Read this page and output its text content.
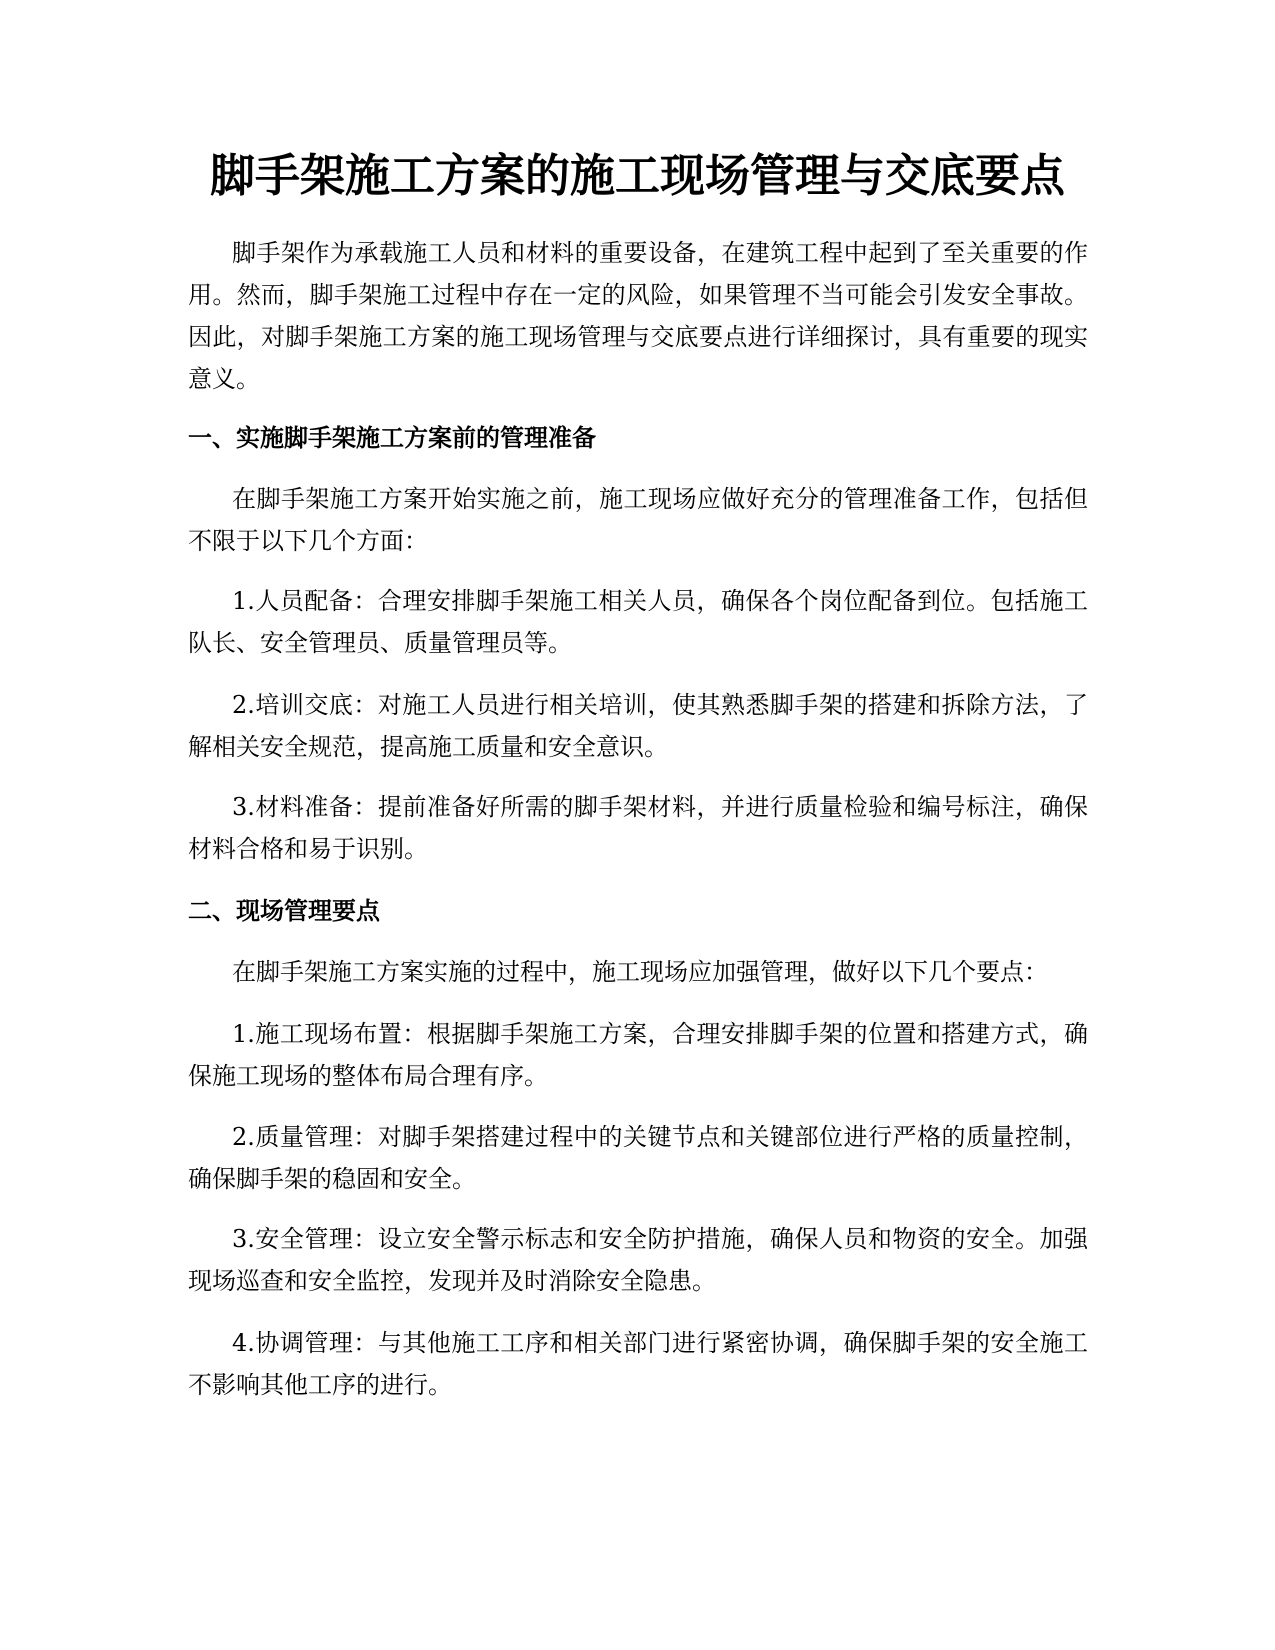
脚手架施工方案的施工现场管理与交底要点

脚手架作为承载施工人员和材料的重要设备，在建筑工程中起到了至关重要的作用。然而，脚手架施工过程中存在一定的风险，如果管理不当可能会引发安全事故。因此，对脚手架施工方案的施工现场管理与交底要点进行详细探讨，具有重要的现实意义。

一、实施脚手架施工方案前的管理准备

在脚手架施工方案开始实施之前，施工现场应做好充分的管理准备工作，包括但不限于以下几个方面：

1.人员配备：合理安排脚手架施工相关人员，确保各个岗位配备到位。包括施工队长、安全管理员、质量管理员等。

2.培训交底：对施工人员进行相关培训，使其熟悉脚手架的搭建和拆除方法，了解相关安全规范，提高施工质量和安全意识。

3.材料准备：提前准备好所需的脚手架材料，并进行质量检验和编号标注，确保材料合格和易于识别。

二、现场管理要点

在脚手架施工方案实施的过程中，施工现场应加强管理，做好以下几个要点：

1.施工现场布置：根据脚手架施工方案，合理安排脚手架的位置和搭建方式，确保施工现场的整体布局合理有序。

2.质量管理：对脚手架搭建过程中的关键节点和关键部位进行严格的质量控制，确保脚手架的稳固和安全。

3.安全管理：设立安全警示标志和安全防护措施，确保人员和物资的安全。加强现场巡查和安全监控，发现并及时消除安全隐患。

4.协调管理：与其他施工工序和相关部门进行紧密协调，确保脚手架的安全施工不影响其他工序的进行。
